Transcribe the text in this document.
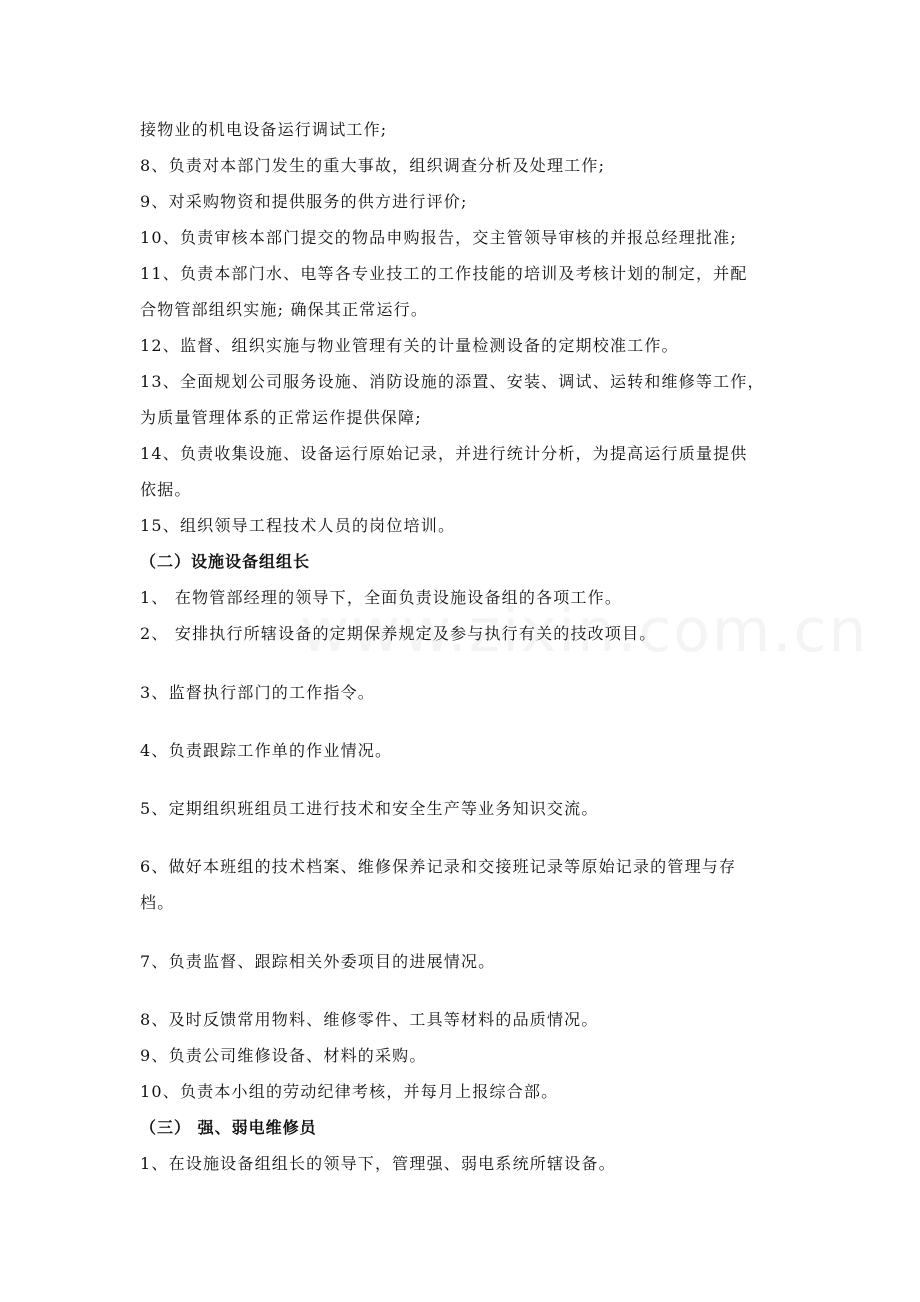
接物业的机电设备运行调试工作;
8、负责对本部门发生的重大事故，组织调查分析及处理工作;
9、对采购物资和提供服务的供方进行评价;
10、负责审核本部门提交的物品申购报告，交主管领导审核的并报总经理批准;
11、负责本部门水、电等各专业技工的工作技能的培训及考核计划的制定，并配
合物管部组织实施; 确保其正常运行。
12、监督、组织实施与物业管理有关的计量检测设备的定期校准工作。
13、全面规划公司服务设施、消防设施的添置、安装、调试、运转和维修等工作，
为质量管理体系的正常运作提供保障;
14、负责收集设施、设备运行原始记录，并进行统计分析，为提高运行质量提供
依据。
15、组织领导工程技术人员的岗位培训。
（二）设施设备组组长
1、 在物管部经理的领导下，全面负责设施设备组的各项工作。
2、 安排执行所辖设备的定期保养规定及参与执行有关的技改项目。
3、监督执行部门的工作指令。
4、负责跟踪工作单的作业情况。
5、定期组织班组员工进行技术和安全生产等业务知识交流。
6、做好本班组的技术档案、维修保养记录和交接班记录等原始记录的管理与存
档。
7、负责监督、跟踪相关外委项目的进展情况。
8、及时反馈常用物料、维修零件、工具等材料的品质情况。
9、负责公司维修设备、材料的采购。
10、负责本小组的劳动纪律考核，并每月上报综合部。
（三） 强、弱电维修员
1、在设施设备组组长的领导下，管理强、弱电系统所辖设备。
